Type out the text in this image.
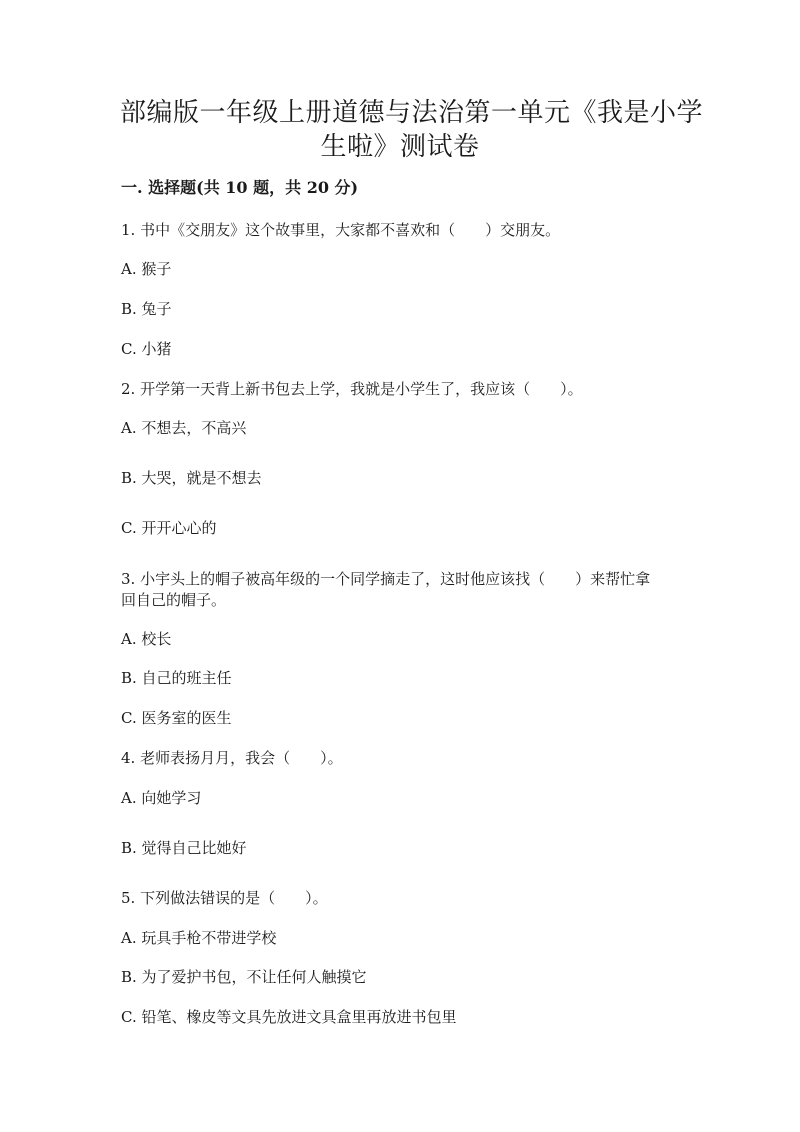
部编版一年级上册道德与法治第一单元《我是小学
生啦》测试卷
一. 选择题(共 10 题，共 20 分)
1. 书中《交朋友》这个故事里，大家都不喜欢和（　　）交朋友。
A. 猴子
B. 兔子
C. 小猪
2. 开学第一天背上新书包去上学，我就是小学生了，我应该（　　）。
A. 不想去，不高兴
B. 大哭，就是不想去
C. 开开心心的
3. 小宇头上的帽子被高年级的一个同学摘走了，这时他应该找（　　）来帮忙拿
回自己的帽子。
A. 校长
B. 自己的班主任
C. 医务室的医生
4. 老师表扬月月，我会（　　）。
A. 向她学习
B. 觉得自己比她好
5. 下列做法错误的是（　　）。
A. 玩具手枪不带进学校
B. 为了爱护书包，不让任何人触摸它
C. 铅笔、橡皮等文具先放进文具盒里再放进书包里
